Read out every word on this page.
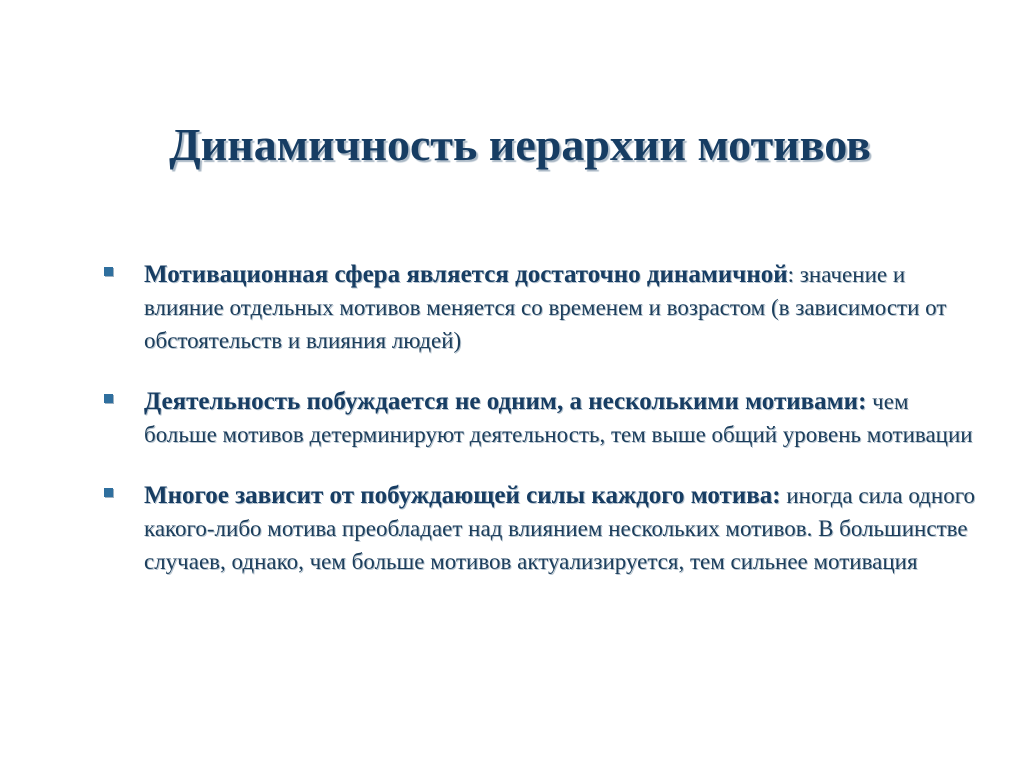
Динамичность иерархии мотивов
Мотивационная сфера является достаточно динамичной: значение и влияние отдельных мотивов меняется со временем и возрастом (в зависимости от обстоятельств и влияния людей)
Деятельность побуждается не одним, а несколькими мотивами: чем больше мотивов детерминируют деятельность, тем выше общий уровень мотивации
Многое зависит от побуждающей силы каждого мотива: иногда сила одного какого-либо мотива преобладает над влиянием нескольких мотивов. В большинстве случаев, однако, чем больше мотивов актуализируется, тем сильнее мотивация
